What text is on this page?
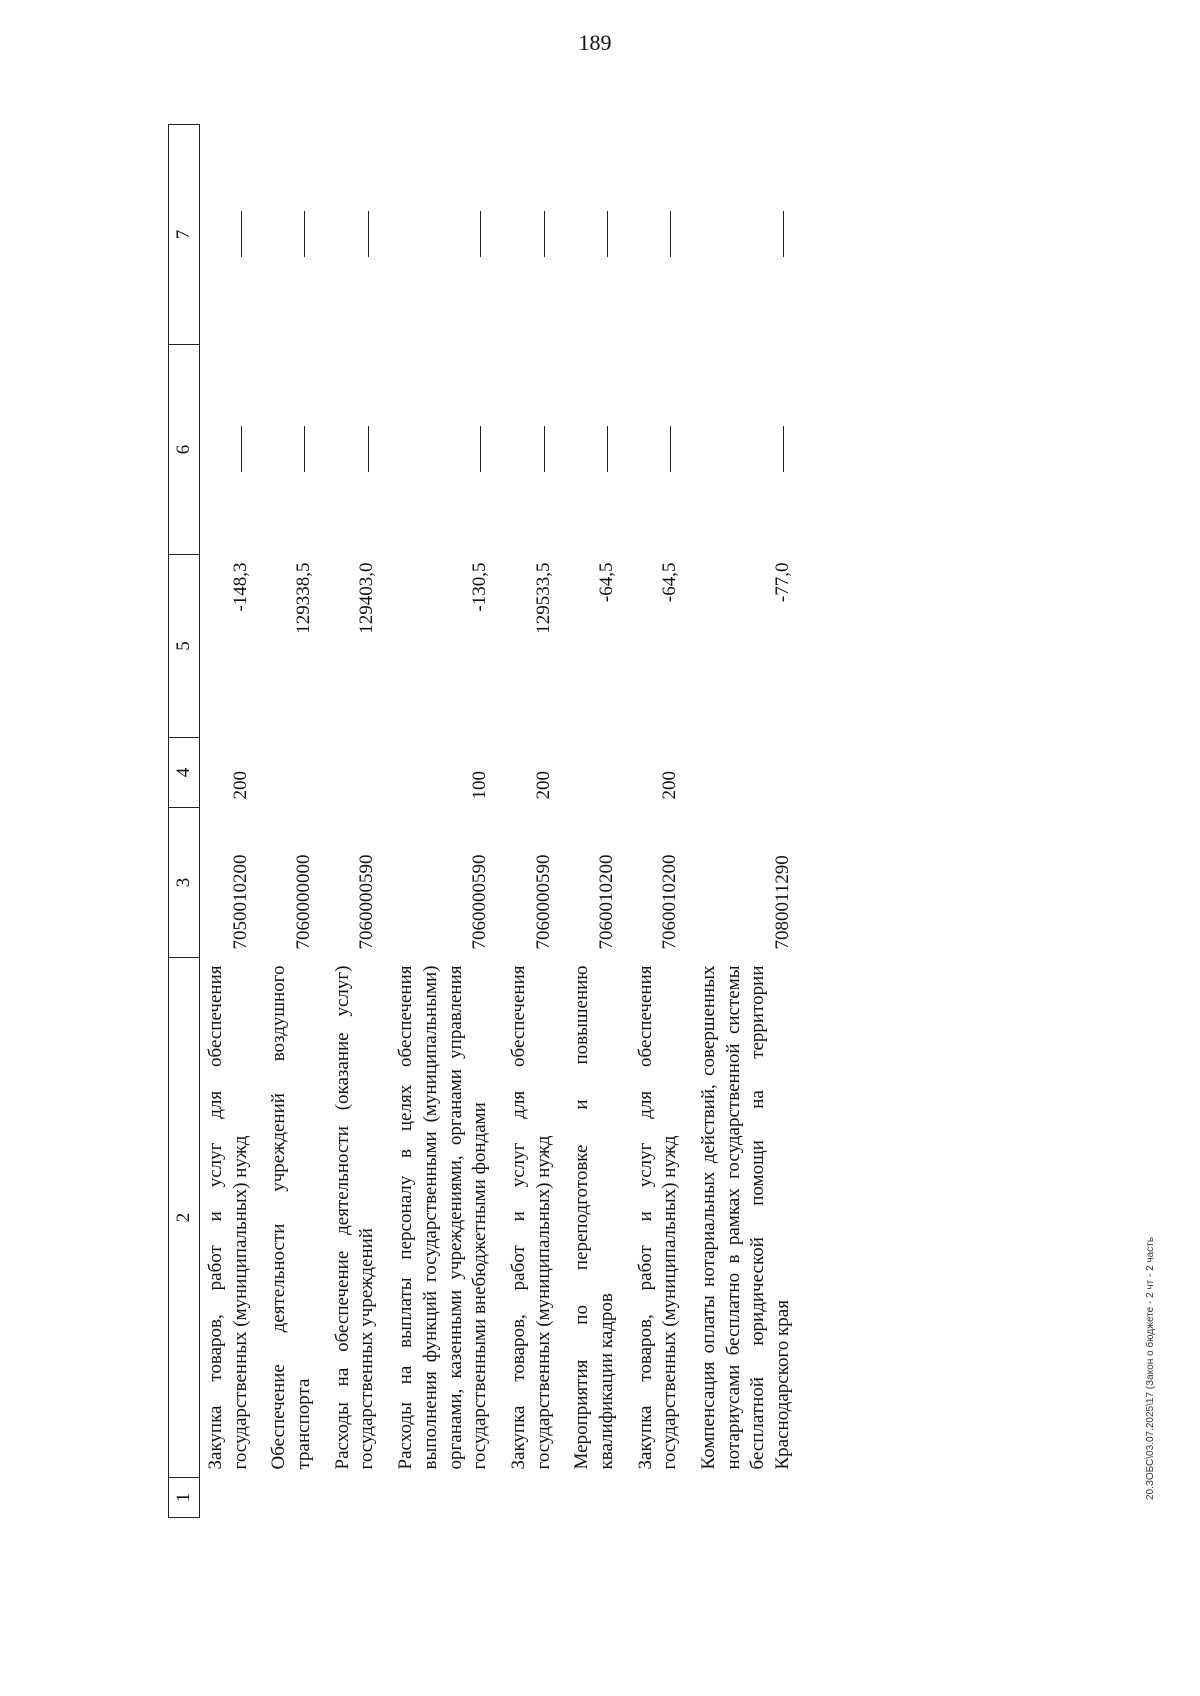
189
1	2	3	4	5	6	7
	Закупка товаров, работ и услуг для обеспечения государственных (муниципальных) нужд	7050010200	200	-148,3		
	Обеспечение деятельности учреждений воздушного транспорта	7060000000		129338,5		
	Расходы на обеспечение деятельности (оказание услуг) государственных учреждений	7060000590		129403,0		
	Расходы на выплаты персоналу в целях обеспечения выполнения функций государственными (муниципальными) органами, казенными учреждениями, органами управления государственными внебюджетными фондами	7060000590	100	-130,5		
	Закупка товаров, работ и услуг для обеспечения государственных (муниципальных) нужд	7060000590	200	129533,5		
	Мероприятия по переподготовке и повышению квалификации кадров	7060010200		-64,5		
	Закупка товаров, работ и услуг для обеспечения государственных (муниципальных) нужд	7060010200	200	-64,5		
	Компенсация оплаты нотариальных действий, совершенных нотариусами бесплатно в рамках государственной системы бесплатной юридической помощи на территории Краснодарского края	7080011290		-77,0		
20.ЗОБС\03.07.2025\17 (Закон о бюджете - 2 чт - 2 часть
